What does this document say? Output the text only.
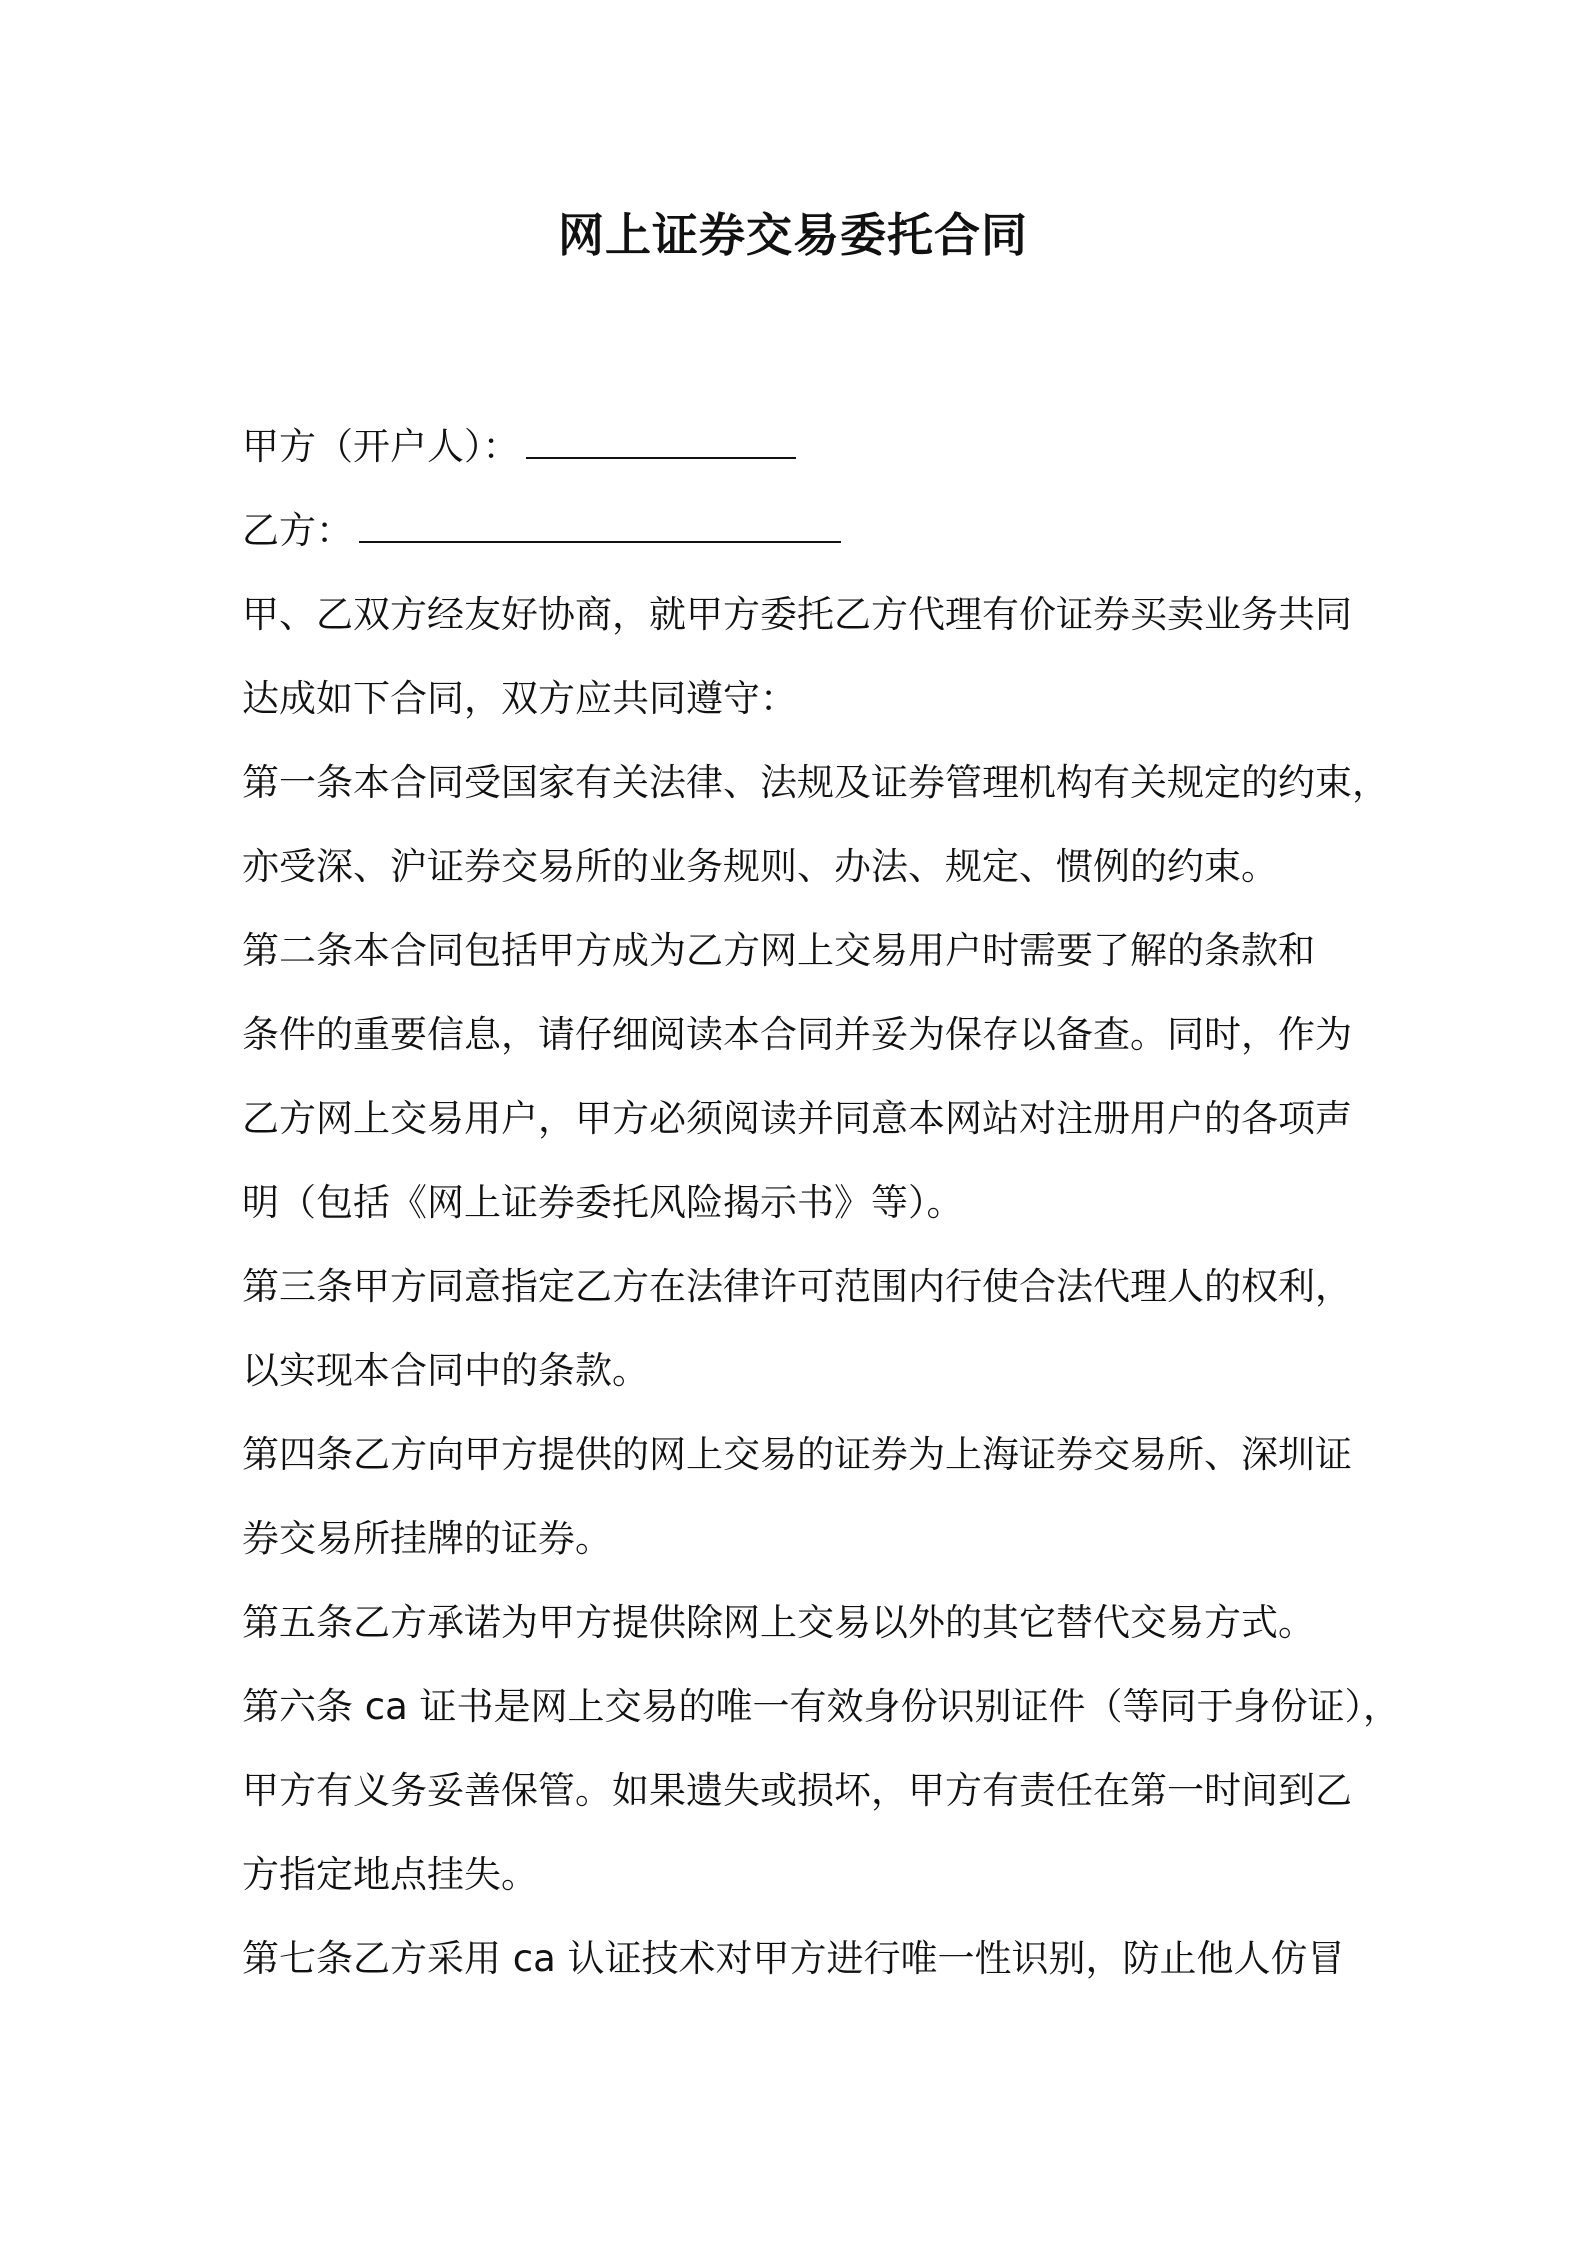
网上证券交易委托合同
甲方（开户人）：
乙方：
甲、乙双方经友好协商，就甲方委托乙方代理有价证券买卖业务共同
达成如下合同，双方应共同遵守：
第一条本合同受国家有关法律、法规及证券管理机构有关规定的约束，
亦受深、沪证券交易所的业务规则、办法、规定、惯例的约束。
第二条本合同包括甲方成为乙方网上交易用户时需要了解的条款和
条件的重要信息，请仔细阅读本合同并妥为保存以备查。同时，作为
乙方网上交易用户，甲方必须阅读并同意本网站对注册用户的各项声
明（包括《网上证券委托风险揭示书》等）。
第三条甲方同意指定乙方在法律许可范围内行使合法代理人的权利，
以实现本合同中的条款。
第四条乙方向甲方提供的网上交易的证券为上海证券交易所、深圳证
券交易所挂牌的证券。
第五条乙方承诺为甲方提供除网上交易以外的其它替代交易方式。
第六条 ca 证书是网上交易的唯一有效身份识别证件（等同于身份证），
甲方有义务妥善保管。如果遗失或损坏，甲方有责任在第一时间到乙
方指定地点挂失。
第七条乙方采用 ca 认证技术对甲方进行唯一性识别，防止他人仿冒
